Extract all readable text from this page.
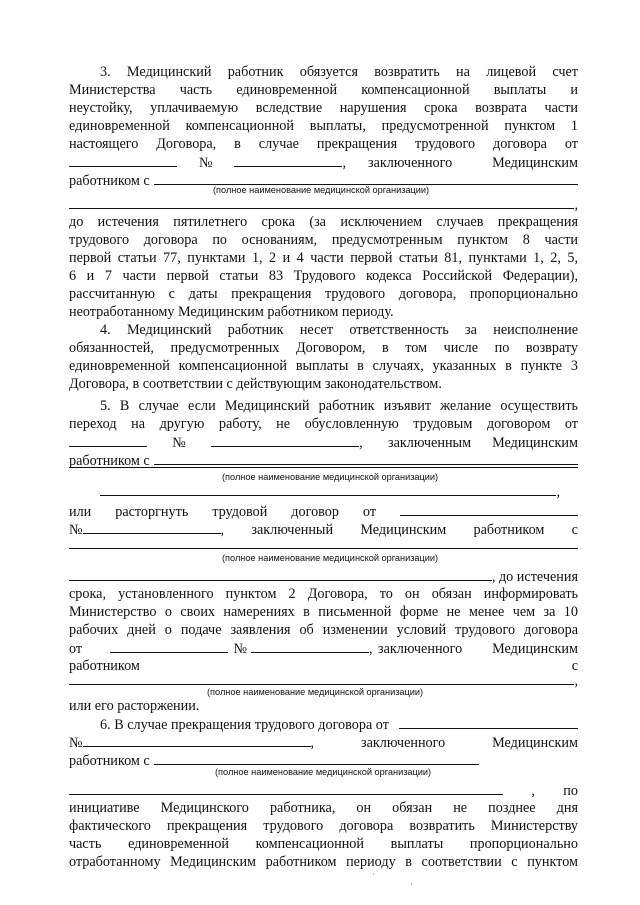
3. Медицинский работник обязуется возвратить на лицевой счет
Министерства часть единовременной компенсационной выплаты и
неустойку, уплачиваемую вследствие нарушения срока возврата части
единовременной компенсационной выплаты, предусмотренной пунктом 1
настоящего Договора, в случае прекращения трудового договора от
№	, заключенного Медицинским
работником с
(полное наименование медицинской организации)
,
до истечения пятилетнего срока (за исключением случаев прекращения
трудового договора по основаниям, предусмотренным пунктом 8 части
первой статьи 77, пунктами 1, 2 и 4 части первой статьи 81, пунктами 1, 2, 5,
6 и 7 части первой статьи 83 Трудового кодекса Российской Федерации),
рассчитанную с даты прекращения трудового договора, пропорционально
неотработанному Медицинским работником периоду.
4. Медицинский работник несет ответственность за неисполнение
обязанностей, предусмотренных Договором, в том числе по возврату
единовременной компенсационной выплаты в случаях, указанных в пункте 3
Договора, в соответствии с действующим законодательством.
5. В случае если Медицинский работник изъявит желание осуществить
переход на другую работу, не обусловленную трудовым договором от
№	, заключенным Медицинским
работником с
(полное наименование медицинской организации)
,
или расторгнуть трудовой договор от
№	, заключенный Медицинским работником с
(полное наименование медицинской организации)
, до истечения
срока, установленного пунктом 2 Договора, то он обязан информировать
Министерство о своих намерениях в письменной форме не менее чем за 10
рабочих дней о подаче заявления об изменении условий трудового договора
от	№	, заключенного Медицинским
работником	с
,
(полное наименование медицинской организации)
или его расторжении.
6. В случае прекращения трудового договора от
№	,	заключенного	Медицинским
работником с
(полное наименование медицинской организации)
, по
инициативе Медицинского работника, он обязан не позднее дня
фактического прекращения трудового договора возвратить Министерству
часть единовременной компенсационной выплаты пропорционально
отработанному Медицинским работником периоду в соответствии с пунктом
·
·
